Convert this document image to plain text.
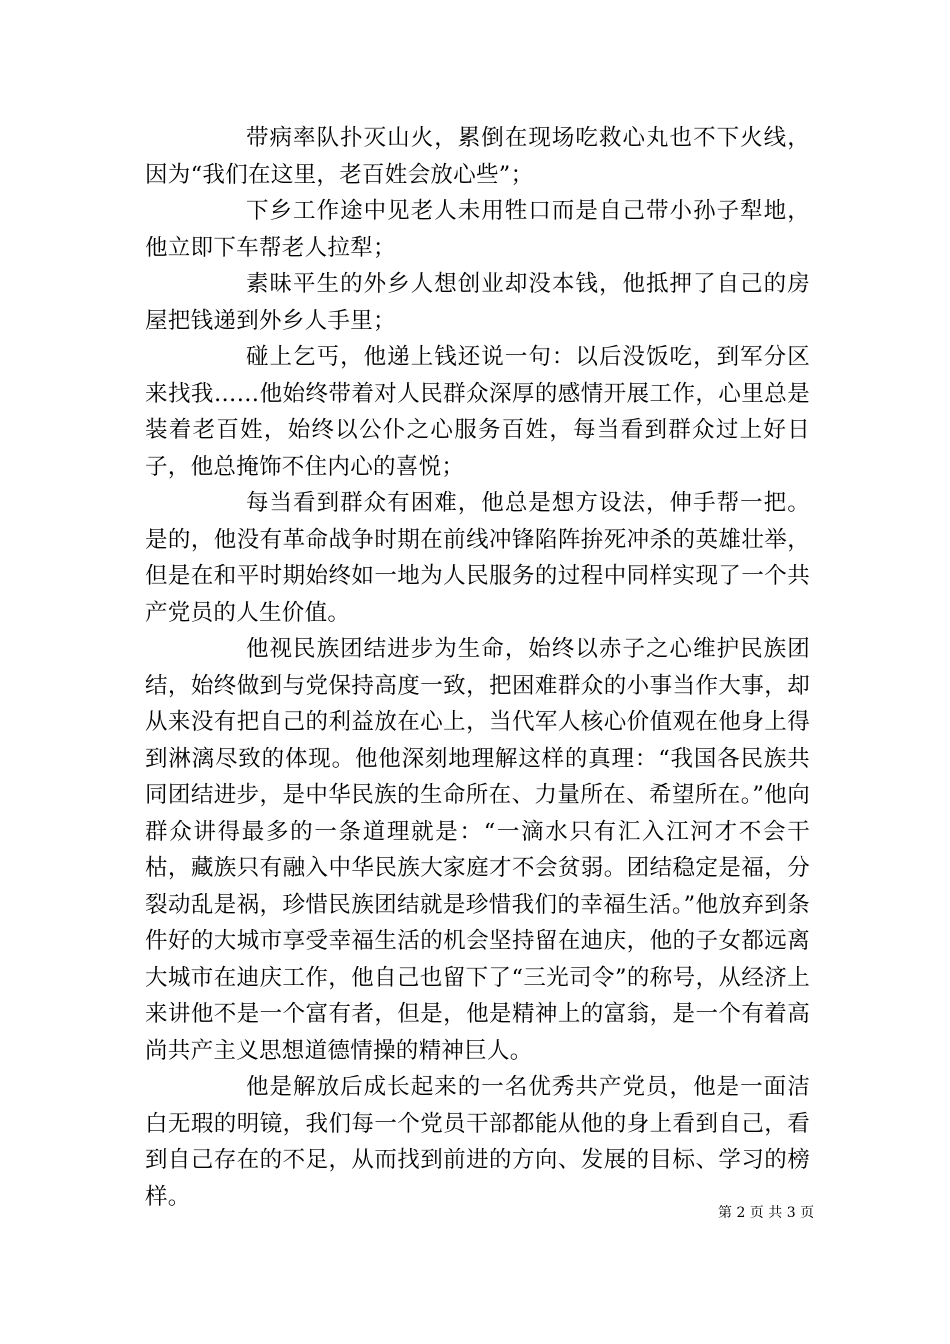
带病率队扑灭山火，累倒在现场吃救心丸也不下火线，因为“我们在这里，老百姓会放心些”；

下乡工作途中见老人未用牲口而是自己带小孙子犁地，他立即下车帮老人拉犁；

素昧平生的外乡人想创业却没本钱，他抵押了自己的房屋把钱递到外乡人手里；

碰上乞丐，他递上钱还说一句：以后没饭吃，到军分区来找我……他始终带着对人民群众深厚的感情开展工作，心里总是装着老百姓，始终以公仆之心服务百姓，每当看到群众过上好日子，他总掩饰不住内心的喜悦；

每当看到群众有困难，他总是想方设法，伸手帮一把。是的，他没有革命战争时期在前线冲锋陷阵拚死冲杀的英雄壮举，但是在和平时期始终如一地为人民服务的过程中同样实现了一个共产党员的人生价值。

他视民族团结进步为生命，始终以赤子之心维护民族团结，始终做到与党保持高度一致，把困难群众的小事当作大事，却从来没有把自己的利益放在心上，当代军人核心价值观在他身上得到淋漓尽致的体现。他他深刻地理解这样的真理：“我国各民族共同团结进步，是中华民族的生命所在、力量所在、希望所在。”他向群众讲得最多的一条道理就是：“一滴水只有汇入江河才不会干枯，藏族只有融入中华民族大家庭才不会贫弱。团结稳定是福，分裂动乱是祸，珍惜民族团结就是珍惜我们的幸福生活。”他放弃到条件好的大城市享受幸福生活的机会坚持留在迪庆，他的子女都远离大城市在迪庆工作，他自己也留下了“三光司令”的称号，从经济上来讲他不是一个富有者，但是，他是精神上的富翁，是一个有着高尚共产主义思想道德情操的精神巨人。

他是解放后成长起来的一名优秀共产党员，他是一面洁白无瑕的明镜，我们每一个党员干部都能从他的身上看到自己，看到自己存在的不足，从而找到前进的方向、发展的目标、学习的榜样。

第 2 页 共 3 页
